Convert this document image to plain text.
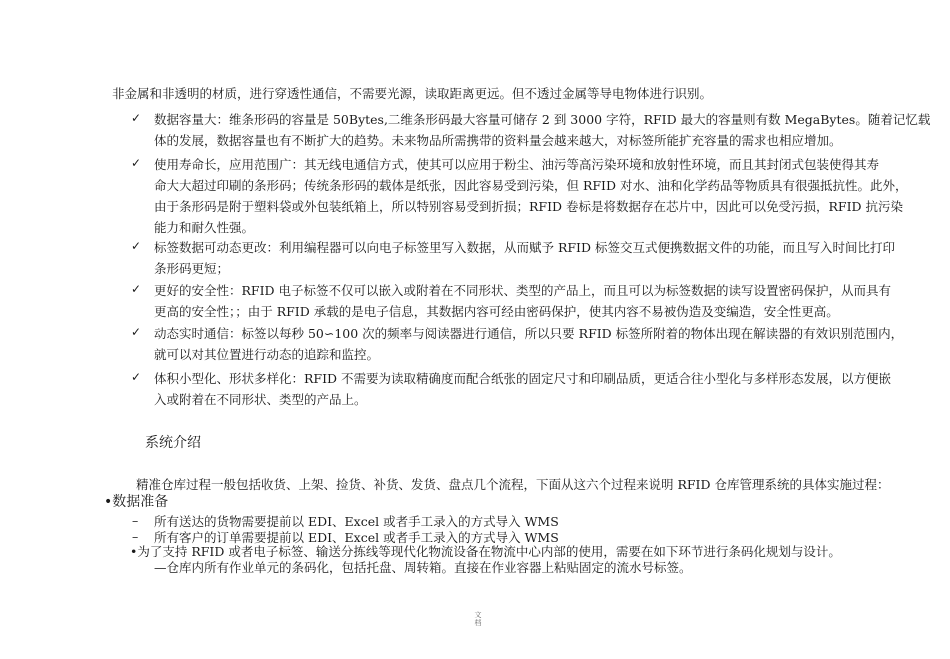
非金属和非透明的材质，进行穿透性通信，不需要光源，读取距离更远。但不透过金属等导电物体进行识别。
✓ 数据容量大：维条形码的容量是 50Bytes,二维条形码最大容量可储存 2 到 3000 字符，RFID 最大的容量则有数 MegaBytes。随着记忆载
体的发展，数据容量也有不断扩大的趋势。未来物品所需携带的资料量会越来越大，对标签所能扩充容量的需求也相应增加。
✓ 使用寿命长，应用范围广：其无线电通信方式，使其可以应用于粉尘、油污等高污染环境和放射性环境，而且其封闭式包装使得其寿
命大大超过印刷的条形码；传统条形码的载体是纸张，因此容易受到污染，但 RFID 对水、油和化学药品等物质具有很强抵抗性。此外，
由于条形码是附于塑料袋或外包装纸箱上，所以特别容易受到折损；RFID 卷标是将数据存在芯片中，因此可以免受污损，RFID 抗污染
能力和耐久性强。
✓ 标签数据可动态更改：利用编程器可以向电子标签里写入数据，从而赋予 RFID 标签交互式便携数据文件的功能，而且写入时间比打印
条形码更短；
✓ 更好的安全性：RFID 电子标签不仅可以嵌入或附着在不同形状、类型的产品上，而且可以为标签数据的读写设置密码保护，从而具有
更高的安全性；；由于 RFID 承载的是电子信息，其数据内容可经由密码保护，使其内容不易被伪造及变编造，安全性更高。
✓ 动态实时通信：标签以每秒 50∽100 次的频率与阅读器进行通信，所以只要 RFID 标签所附着的物体出现在解读器的有效识别范围内，
就可以对其位置进行动态的追踪和监控。
✓ 体积小型化、形状多样化：RFID 不需要为读取精确度而配合纸张的固定尺寸和印刷品质，更适合往小型化与多样形态发展，以方便嵌
入或附着在不同形状、类型的产品上。
系统介绍
精准仓库过程一般包括收货、上架、捡货、补货、发货、盘点几个流程，下面从这六个过程来说明 RFID 仓库管理系统的具体实施过程：
•数据准备
– 所有送达的货物需要提前以 EDI、Excel 或者手工录入的方式导入 WMS
– 所有客户的订单需要提前以 EDI、Excel 或者手工录入的方式导入 WMS
•为了支持 RFID 或者电子标签、输送分拣线等现代化物流设备在物流中心内部的使用，需要在如下环节进行条码化规划与设计。
—仓库内所有作业单元的条码化，包括托盘、周转箱。直接在作业容器上粘贴固定的流水号标签。
文档
